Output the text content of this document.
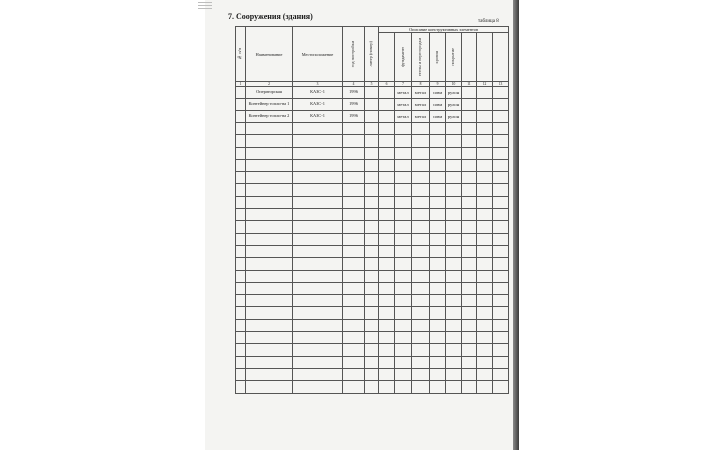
7. Сооружения (здания)
таблица 8
№ п/п	Наименование	Местоположение	год постройки	литер (номер)	Описание конструктивных элементов							

						фундамент	стены и перегородки	кровля	покрытие			

1	2	3	4	5	6	7	8	9	10	11	12	13
	Операторская	КАЗС-1	1996			метал	метал	совм	рулон			
	Контейнер топли-ва 1	КАЗС-1	1996			метал	метал	совм	рулон			
	Контейнер топли-ва 2	КАЗС-1	1996			метал	метал	совм	рулон			
